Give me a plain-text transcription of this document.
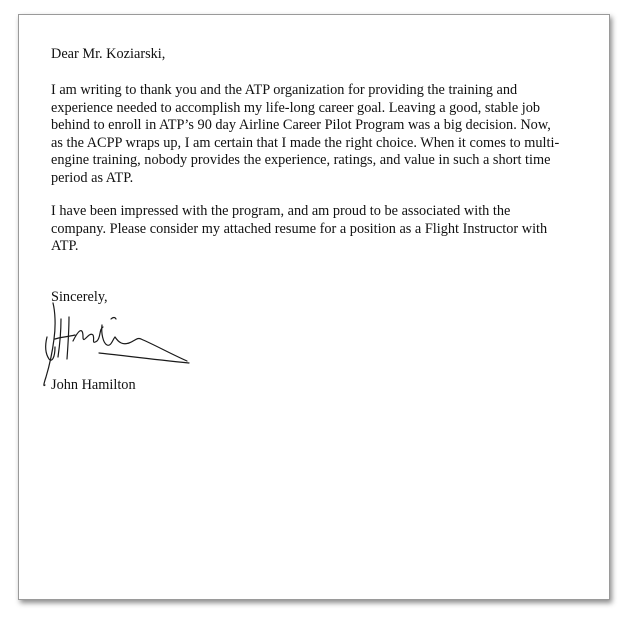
Dear Mr. Koziarski,

I am writing to thank you and the ATP organization for providing the training and
experience needed to accomplish my life-long career goal. Leaving a good, stable job
behind to enroll in ATP’s 90 day Airline Career Pilot Program was a big decision. Now,
as the ACPP wraps up, I am certain that I made the right choice. When it comes to multi-
engine training, nobody provides the experience, ratings, and value in such a short time
period as ATP.

I have been impressed with the program, and am proud to be associated with the
company. Please consider my attached resume for a position as a Flight Instructor with
ATP.

Sincerely,

John Hamilton
